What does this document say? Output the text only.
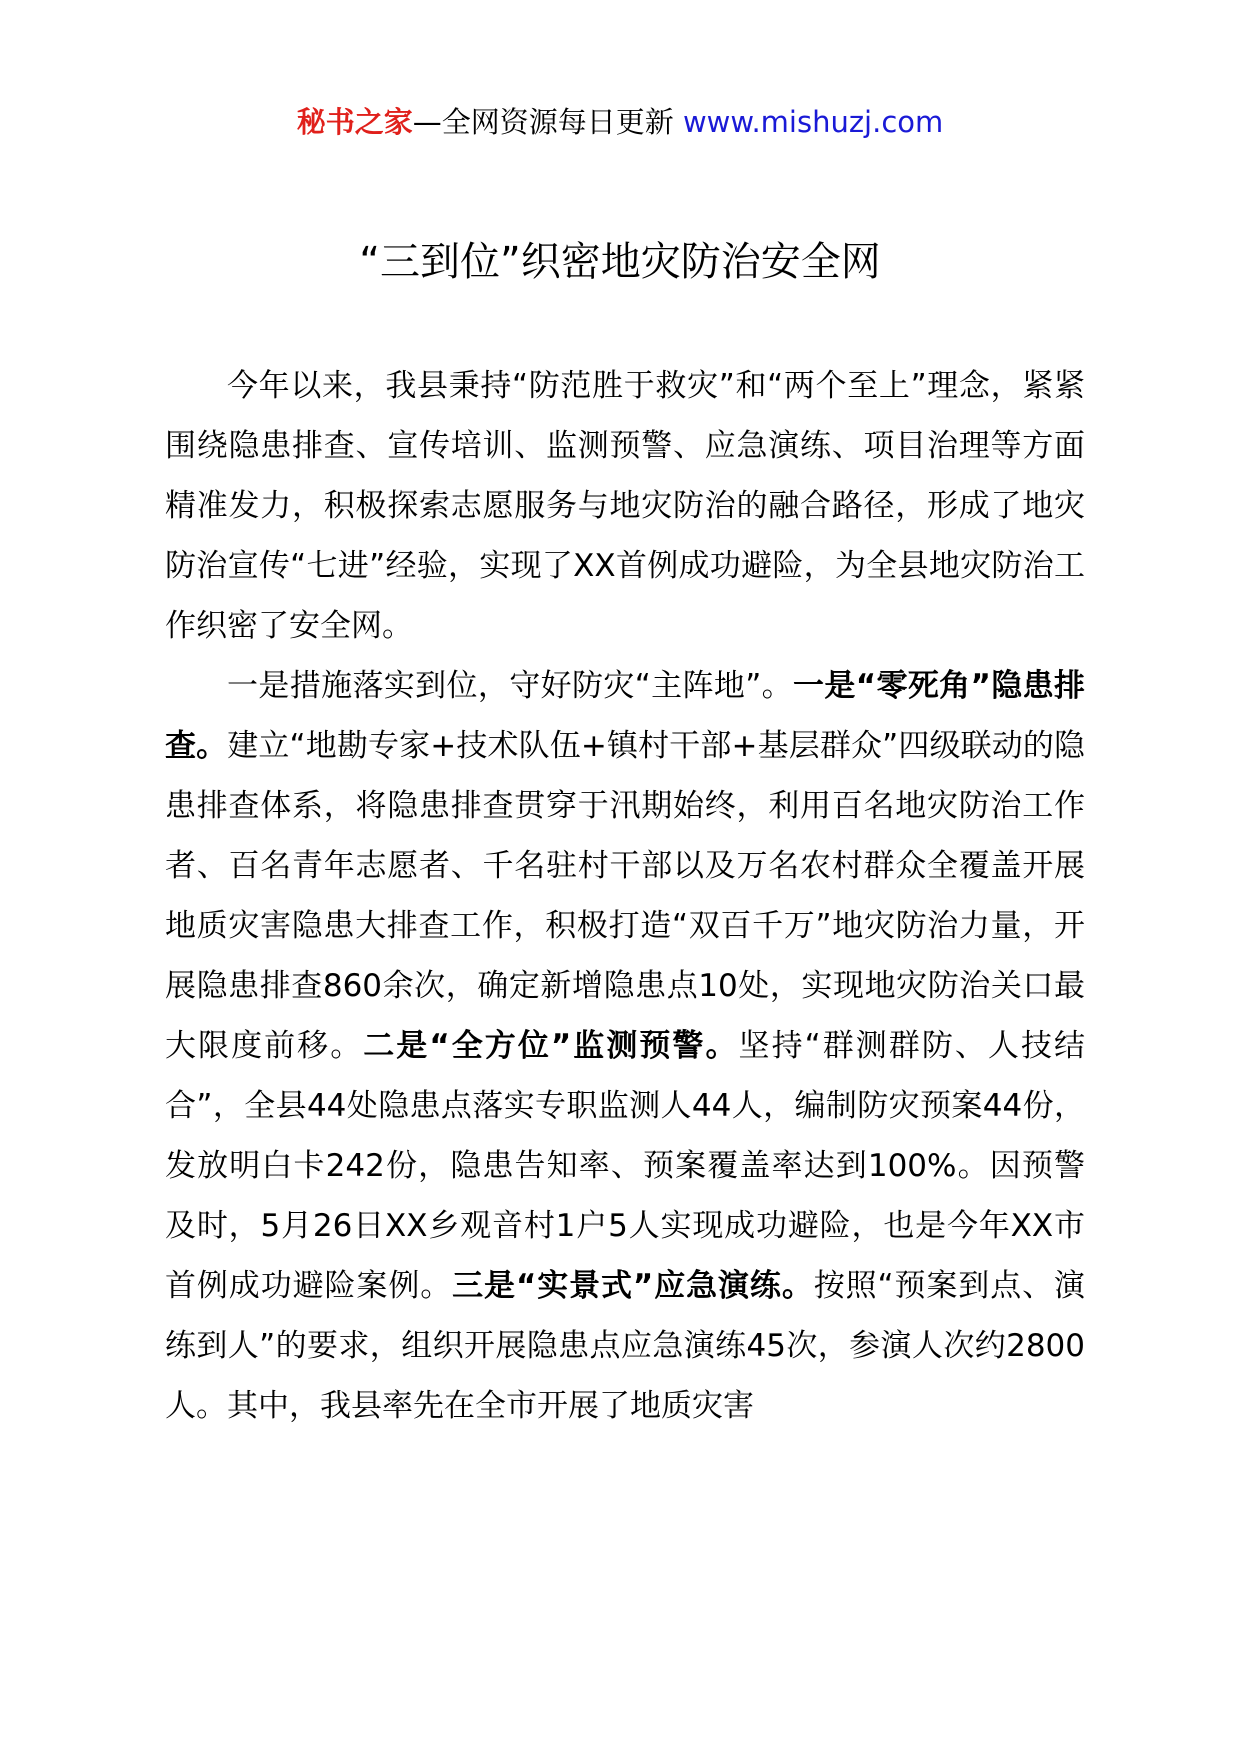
秘书之家—全网资源每日更新 www.mishuzj.com
“三到位”织密地灾防治安全网

今年以来，我县秉持“防范胜于救灾”和“两个至上”理念，紧紧围绕隐患排查、宣传培训、监测预警、应急演练、项目治理等方面精准发力，积极探索志愿服务与地灾防治的融合路径，形成了地灾防治宣传“七进”经验，实现了XX首例成功避险，为全县地灾防治工作织密了安全网。

一是措施落实到位，守好防灾“主阵地”。一是“零死角”隐患排查。建立“地勘专家+技术队伍+镇村干部+基层群众”四级联动的隐患排查体系，将隐患排查贯穿于汛期始终，利用百名地灾防治工作者、百名青年志愿者、千名驻村干部以及万名农村群众全覆盖开展地质灾害隐患大排查工作，积极打造“双百千万”地灾防治力量，开展隐患排查860余次，确定新增隐患点10处，实现地灾防治关口最大限度前移。二是“全方位”监测预警。坚持“群测群防、人技结合”，全县44处隐患点落实专职监测人44人，编制防灾预案44份，发放明白卡242份，隐患告知率、预案覆盖率达到100%。因预警及时，5月26日XX乡观音村1户5人实现成功避险，也是今年XX市首例成功避险案例。三是“实景式”应急演练。按照“预案到点、演练到人”的要求，组织开展隐患点应急演练45次，参演人次约2800人。其中，我县率先在全市开展了地质灾害
